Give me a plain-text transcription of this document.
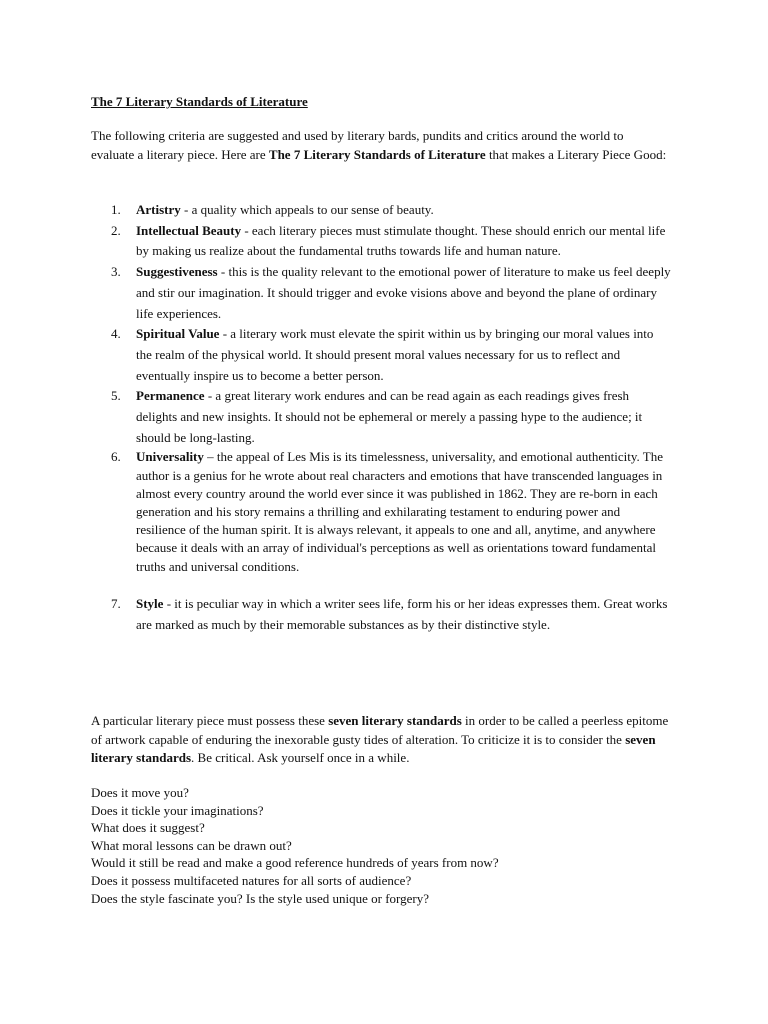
The 7 Literary Standards of Literature

The following criteria are suggested and used by literary bards, pundits and critics around the world to evaluate a literary piece. Here are The 7 Literary Standards of Literature that makes a Literary Piece Good:

1. Artistry - a quality which appeals to our sense of beauty.
2. Intellectual Beauty - each literary pieces must stimulate thought. These should enrich our mental life by making us realize about the fundamental truths towards life and human nature.
3. Suggestiveness - this is the quality relevant to the emotional power of literature to make us feel deeply and stir our imagination. It should trigger and evoke visions above and beyond the plane of ordinary life experiences.
4. Spiritual Value - a literary work must elevate the spirit within us by bringing our moral values into the realm of the physical world. It should present moral values necessary for us to reflect and eventually inspire us to become a better person.
5. Permanence - a great literary work endures and can be read again as each readings gives fresh delights and new insights. It should not be ephemeral or merely a passing hype to the audience; it should be long-lasting.
6. Universality – the appeal of Les Mis is its timelessness, universality, and emotional authenticity. The author is a genius for he wrote about real characters and emotions that have transcended languages in almost every country around the world ever since it was published in 1862. They are re-born in each generation and his story remains a thrilling and exhilarating testament to enduring power and resilience of the human spirit. It is always relevant, it appeals to one and all, anytime, and anywhere because it deals with an array of individual's perceptions as well as orientations toward fundamental truths and universal conditions.
7. Style - it is peculiar way in which a writer sees life, form his or her ideas expresses them. Great works are marked as much by their memorable substances as by their distinctive style.

A particular literary piece must possess these seven literary standards in order to be called a peerless epitome of artwork capable of enduring the inexorable gusty tides of alteration. To criticize it is to consider the seven literary standards. Be critical. Ask yourself once in a while.

Does it move you?
Does it tickle your imaginations?
What does it suggest?
What moral lessons can be drawn out?
Would it still be read and make a good reference hundreds of years from now?
Does it possess multifaceted natures for all sorts of audience?
Does the style fascinate you? Is the style used unique or forgery?
